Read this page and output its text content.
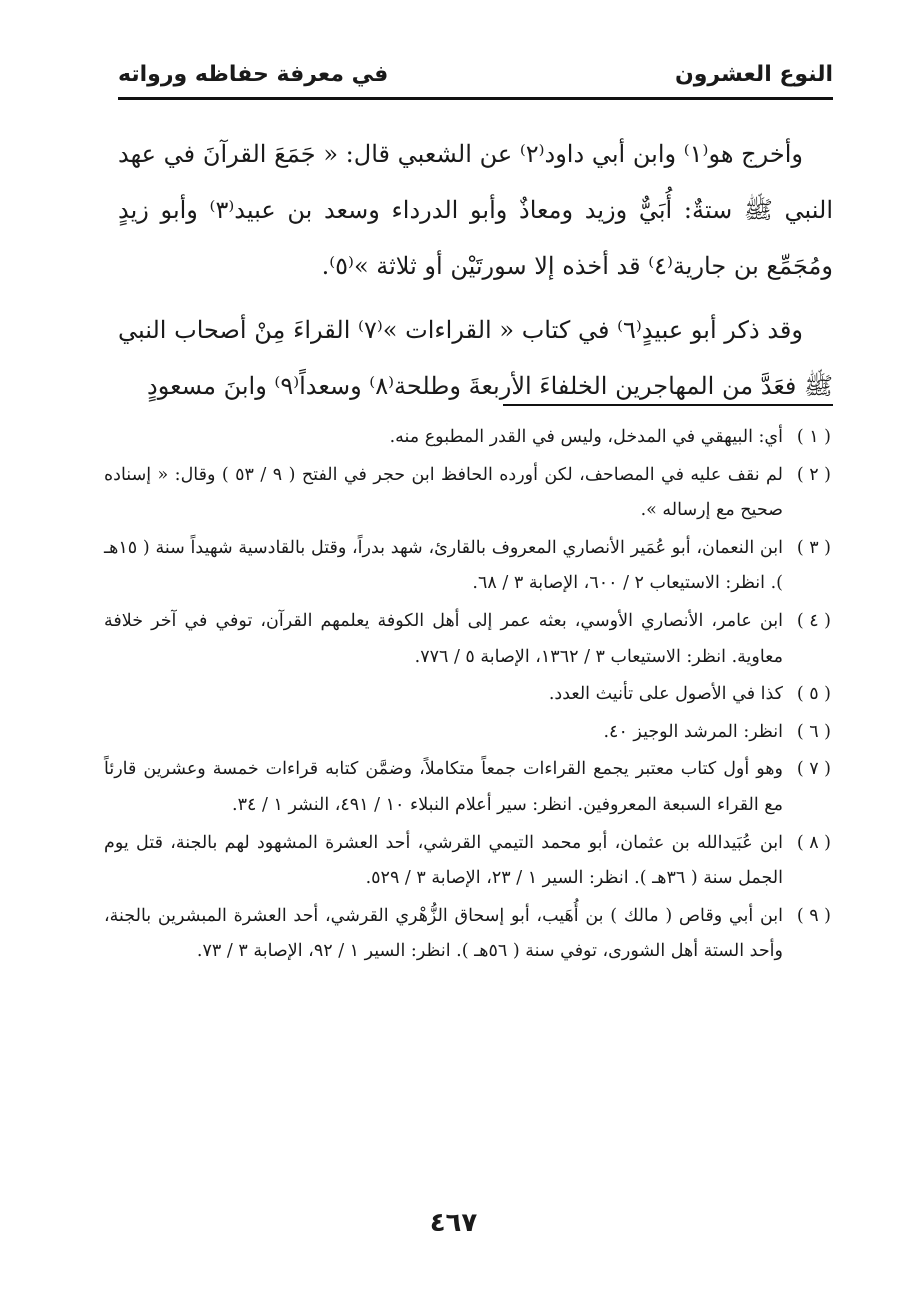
النوع العشرون
في معرفة حفاظه ورواته

وأخرج هو⁽١⁾ وابن أبي داود⁽٢⁾ عن الشعبي قال: « جَمَعَ القرآنَ في عهد النبي ﷺ ستةٌ: أُبَيٌّ وزيد ومعاذٌ وأبو الدرداء وسعد بن عبيد⁽٣⁾ وأبو زيدٍ ومُجَمِّع بن جارية⁽٤⁾ قد أخذه إلا سورتَيْن أو ثلاثة »⁽٥⁾.

وقد ذكر أبو عبيدٍ⁽٦⁾ في كتاب « القراءات »⁽٧⁾ القراءَ مِنْ أصحاب النبي ﷺ فعَدَّ من المهاجرين الخلفاءَ الأربعةَ وطلحة⁽٨⁾ وسعداً⁽٩⁾ وابنَ مسعودٍ

( ١ )
أي: البيهقي في المدخل، وليس في القدر المطبوع منه.
( ٢ )
لم نقف عليه في المصاحف، لكن أورده الحافظ ابن حجر في الفتح ( ٩ / ٥٣ ) وقال: « إسناده صحيح مع إرساله ».
( ٣ )
ابن النعمان، أبو عُمَير الأنصاري المعروف بالقارئ، شهد بدراً، وقتل بالقادسية شهيداً سنة ( ١٥هـ ). انظر: الاستيعاب ٢ / ٦٠٠، الإصابة ٣ / ٦٨.
( ٤ )
ابن عامر، الأنصاري الأوسي، بعثه عمر إلى أهل الكوفة يعلمهم القرآن، توفي في آخر خلافة معاوية. انظر: الاستيعاب ٣ / ١٣٦٢، الإصابة ٥ / ٧٧٦.
( ٥ )
كذا في الأصول على تأنيث العدد.
( ٦ )
انظر: المرشد الوجيز ٤٠.
( ٧ )
وهو أول كتاب معتبر يجمع القراءات جمعاً متكاملاً، وضمَّن كتابه قراءات خمسة وعشرين قارئاً مع القراء السبعة المعروفين. انظر: سير أعلام النبلاء ١٠ / ٤٩١، النشر ١ / ٣٤.
( ٨ )
ابن عُبَيدالله بن عثمان، أبو محمد التيمي القرشي، أحد العشرة المشهود لهم بالجنة، قتل يوم الجمل سنة ( ٣٦هـ ). انظر: السير ١ / ٢٣، الإصابة ٣ / ٥٢٩.
( ٩ )
ابن أبي وقاص ( مالك ) بن أُهَيب، أبو إسحاق الزُّهْري القرشي، أحد العشرة المبشرين بالجنة، وأحد الستة أهل الشورى، توفي سنة ( ٥٦هـ ). انظر: السير ١ / ٩٢، الإصابة ٣ / ٧٣.
٤٦٧
